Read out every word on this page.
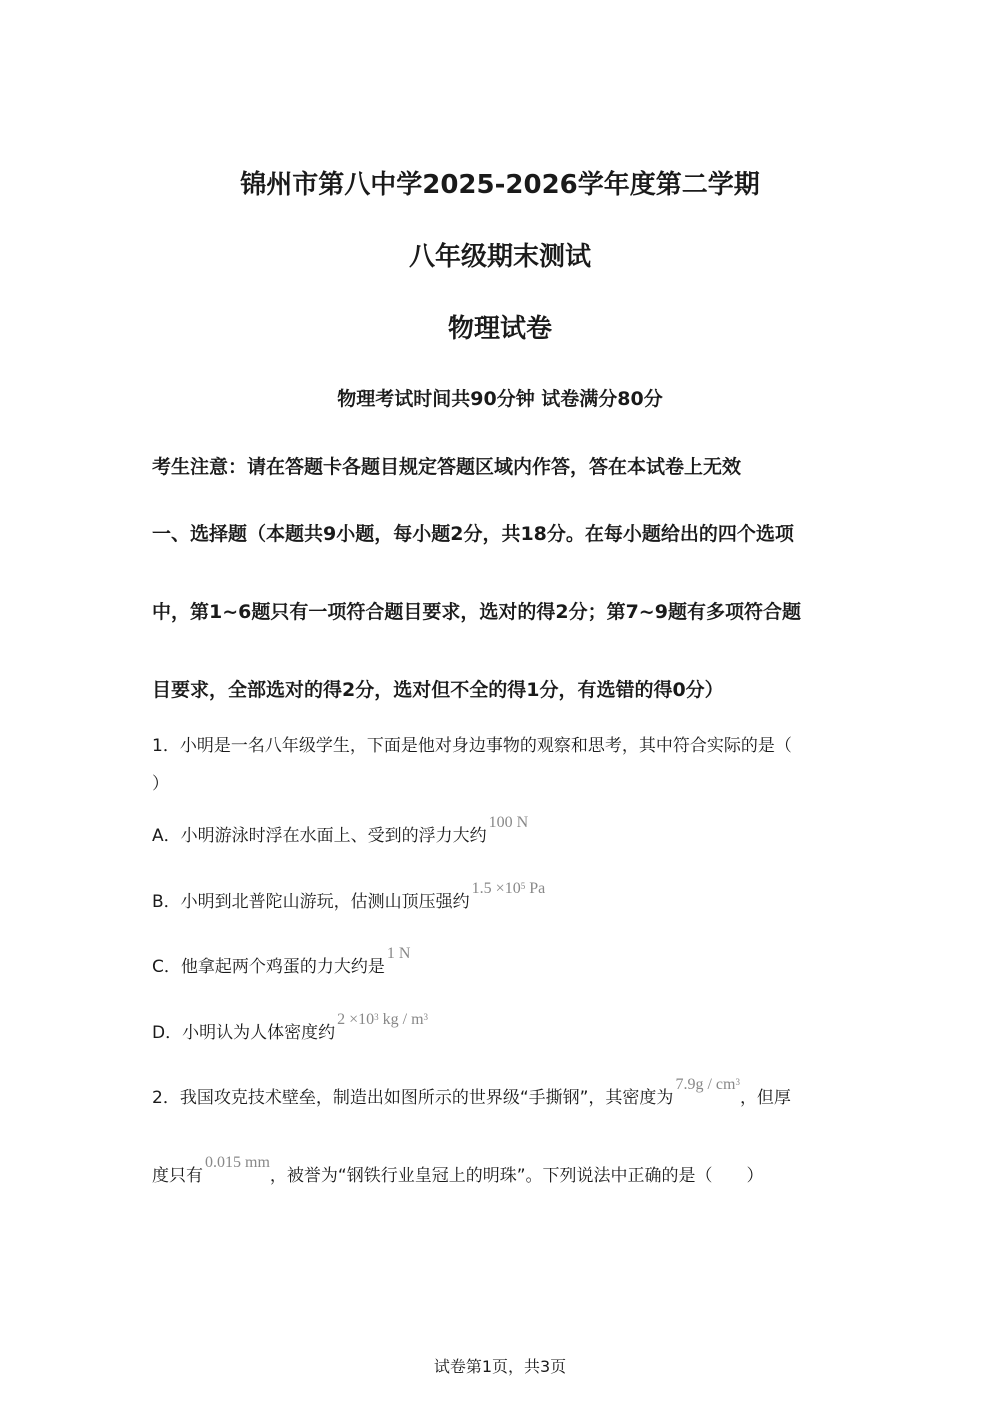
锦州市第八中学2025-2026学年度第二学期
八年级期末测试
物理试卷
物理考试时间共90分钟 试卷满分80分
考生注意：请在答题卡各题目规定答题区域内作答，答在本试卷上无效
一、选择题（本题共9小题，每小题2分，共18分。在每小题给出的四个选项
中，第1~6题只有一项符合题目要求，选对的得2分；第7~9题有多项符合题
目要求，全部选对的得2分，选对但不全的得1分，有选错的得0分）
1．小明是一名八年级学生，下面是他对身边事物的观察和思考，其中符合实际的是（
）
A．小明游泳时浮在水面上、受到的浮力大约100 N
B．小明到北普陀山游玩，估测山顶压强约$1.5 \times 10^5$ Pa
C．他拿起两个鸡蛋的力大约是1 N
D．小明认为人体密度约$2 \times 10^3$ kg / $m^3$
2．我国攻克技术壁垒，制造出如图所示的世界级“手撕钢”，其密度为$7.9g / cm^3$，但厚
度只有0.015 mm，被誉为“钢铁行业皇冠上的明珠”。下列说法中正确的是（　　）
试卷第1页，共3页
